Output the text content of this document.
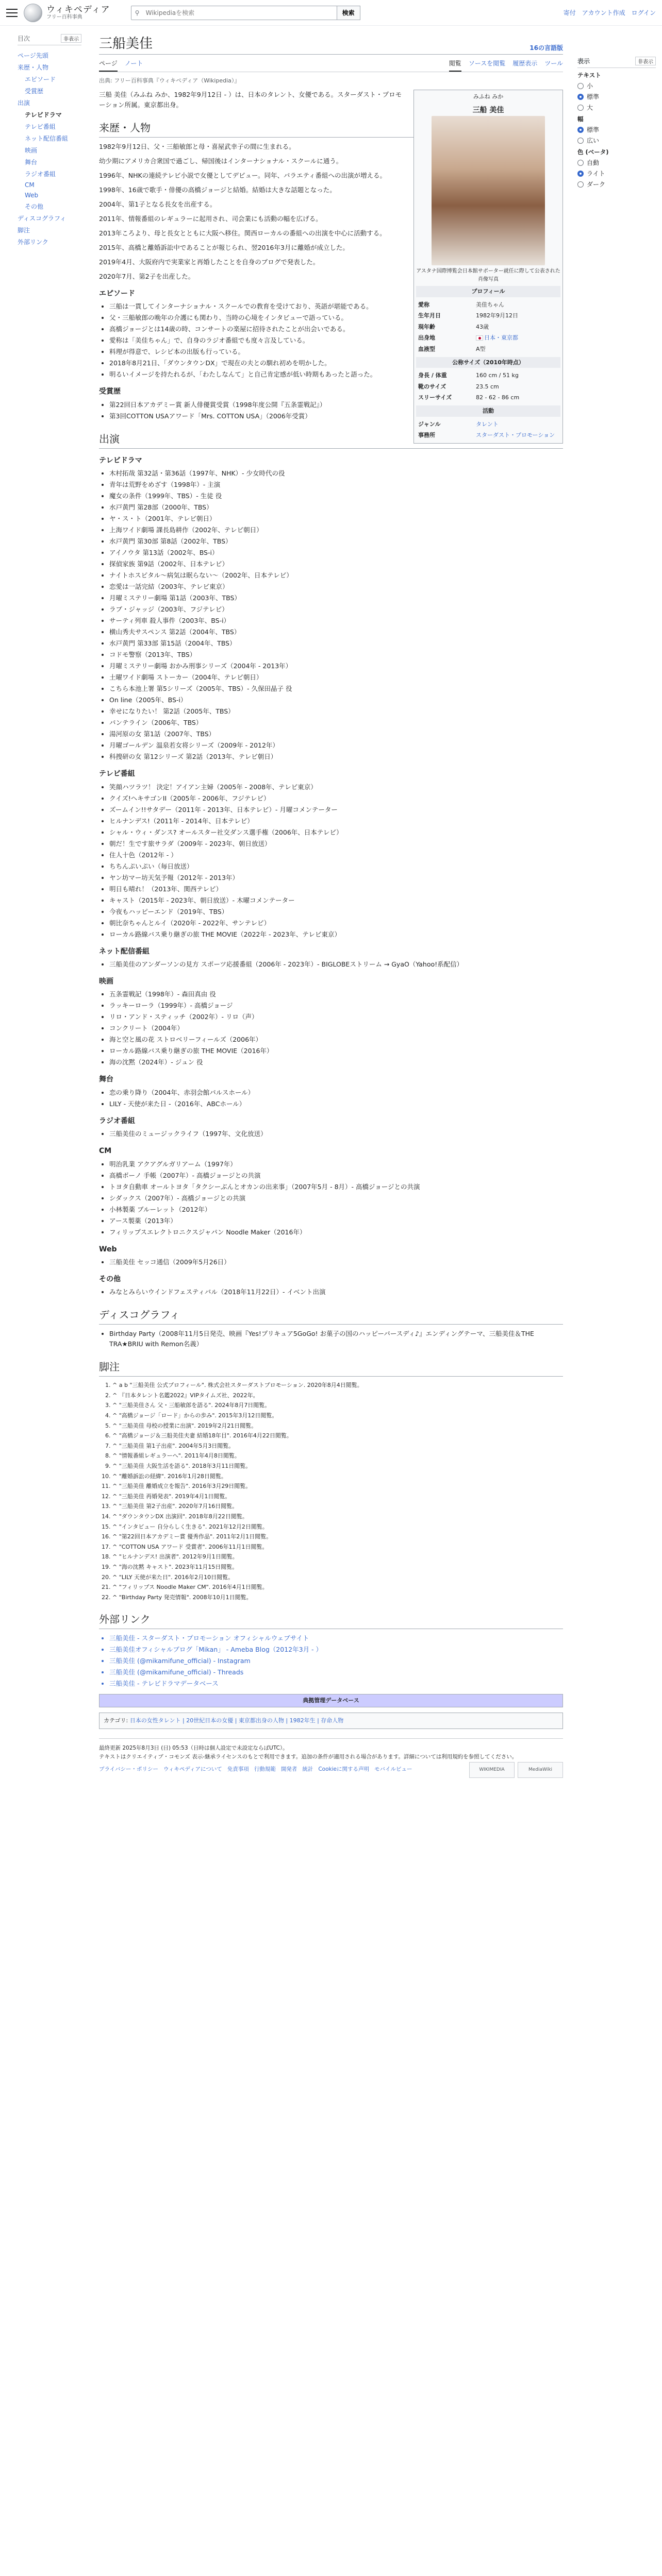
ウィキペディア
フリー百科事典
⚲
Wikipediaを検索	検索	寄付 アカウント作成 ログイン
目次	非表示
ページ先頭
来歴・人物
エピソード
受賞歴
出演
テレビドラマ
テレビ番組
ネット配信番組
映画
舞台
ラジオ番組
CM
Web
その他
ディスコグラフィ
脚注
外部リンク
三船美佳	16の言語版
ページ ノート	閲覧 ソースを閲覧 履歴表示 ツール
出典: フリー百科事典『ウィキペディア（Wikipedia）』
みふね みか
三船 美佳
アスタナ国際博覧会日本館サポーター就任に際して公表された肖像写真
プロフィール
愛称	美佳ちゃん
生年月日	1982年9月12日
現年齢	43歳
出身地	日本・東京都
血液型	A型
公称サイズ（2010年時点）
身長 / 体重	160 cm / 51 kg
靴のサイズ	23.5 cm
スリーサイズ	82 - 62 - 86 cm
活動
ジャンル	タレント
事務所	スターダスト・プロモーション

三船 美佳（みふね みか、1982年9月12日 - ）は、日本のタレント、女優である。スターダスト・プロモーション所属。東京都出身。

来歴・人物

1982年9月12日、父・三船敏郎と母・喜屋武幸子の間に生まれる。

幼少期にアメリカ合衆国で過ごし、帰国後はインターナショナル・スクールに通う。

1996年、NHKの連続テレビ小説で女優としてデビュー。同年、バラエティ番組への出演が増える。

1998年、16歳で歌手・俳優の高橋ジョージと結婚。結婚は大きな話題となった。

2004年、第1子となる長女を出産する。

2011年、情報番組のレギュラーに起用され、司会業にも活動の幅を広げる。

2013年ころより、母と長女とともに大阪へ移住。関西ローカルの番組への出演を中心に活動する。

2015年、高橋と離婚訴訟中であることが報じられ、翌2016年3月に離婚が成立した。

2019年4月、大阪府内で実業家と再婚したことを自身のブログで発表した。

2020年7月、第2子を出産した。

エピソード
• 三船は一貫してインターナショナル・スクールでの教育を受けており、英語が堪能である。
• 父・三船敏郎の晩年の介護にも関わり、当時の心境をインタビューで語っている。
• 高橋ジョージとは14歳の時、コンサートの楽屋に招待されたことが出会いである。
• 愛称は「美佳ちゃん」で、自身のラジオ番組でも度々言及している。
• 料理が得意で、レシピ本の出版も行っている。
• 2018年8月21日、「ダウンタウンDX」で現在の夫との馴れ初めを明かした。
• 明るいイメージを持たれるが、「わたしなんて」と自己肯定感が低い時期もあったと語った。
受賞歴
• 第22回日本アカデミー賞 新人俳優賞受賞（1998年度公開『五条霊戦記』）
• 第3回COTTON USAアワード「Mrs. COTTON USA」（2006年受賞）
出演
テレビドラマ
• 木村拓哉 第32話・第36話（1997年、NHK）- 少女時代の役
• 青年は荒野をめざす（1998年）- 主演
• 魔女の条件（1999年、TBS）- 生徒 役
• 水戸黄門 第28部（2000年、TBS）
• ヤ・ス・ト（2001年、テレビ朝日）
• 上海ワイド劇場 課長島耕作（2002年、テレビ朝日）
• 水戸黄門 第30部 第8話（2002年、TBS）
• アイノウタ 第13話（2002年、BS-i）
• 探偵家族 第9話（2002年、日本テレビ）
• ナイトホスピタル〜病気は眠らない〜（2002年、日本テレビ）
• 恋愛は一話完結（2003年、テレビ東京）
• 月曜ミステリー劇場 第1話（2003年、TBS）
• ラブ・ジャッジ（2003年、フジテレビ）
• サーティ列車 殺人事件（2003年、BS-i）
• 横山秀夫サスペンス 第2話（2004年、TBS）
• 水戸黄門 第33部 第15話（2004年、TBS）
• コドモ警察（2013年、TBS）
• 月曜ミステリー劇場 おかみ刑事シリーズ（2004年 - 2013年）
• 土曜ワイド劇場 ストーカー（2004年、テレビ朝日）
• こちら本池上署 第5シリーズ（2005年、TBS）- 久保田晶子 役
• On line（2005年、BS-i）
• 幸せになりたい！ 第2話（2005年、TBS）
• バンテライン（2006年、TBS）
• 湯河原の女 第1話（2007年、TBS）
• 月曜ゴールデン 温泉若女将シリーズ（2009年 - 2012年）
• 科捜研の女 第12シリーズ 第2話（2013年、テレビ朝日）
テレビ番組
• 笑顔ハツラツ！ 決定！アイアン主婦（2005年 - 2008年、テレビ東京）
• クイズ!ヘキサゴンII（2005年 - 2006年、フジテレビ）
• ズームイン!!サタデー（2011年 - 2013年、日本テレビ）- 月曜コメンテーター
• ヒルナンデス!（2011年 - 2014年、日本テレビ）
• シャル・ウィ・ダンス? オールスター社交ダンス選手権（2006年、日本テレビ）
• 朝だ！生です旅サラダ（2009年 - 2023年、朝日放送）
• 住人十色（2012年 - ）
• ちちんぷいぷい（毎日放送）
• ヤン坊マー坊天気予報（2012年 - 2013年）
• 明日も晴れ！（2013年、関西テレビ）
• キャスト（2015年 - 2023年、朝日放送）- 木曜コメンテーター
• 今夜もハッピーエンド（2019年、TBS）
• 朝比奈ちゃんとルイ（2020年 - 2022年、サンテレビ）
• ローカル路線バス乗り継ぎの旅 THE MOVIE（2022年 - 2023年、テレビ東京）
ネット配信番組
• 三船美佳のアンダーソンの見方 スポーツ応援番組（2006年 - 2023年）- BIGLOBEストリーム → GyaO（Yahoo!系配信）
映画
• 五条霊戦記（1998年）- 森田真由 役
• ラッキーローラ（1999年）- 高橋ジョージ
• リロ・アンド・スティッチ（2002年）- リロ（声）
• コンクリート（2004年）
• 海と空と風の花 ストロベリーフィールズ（2006年）
• ローカル路線バス乗り継ぎの旅 THE MOVIE（2016年）
• 海の沈黙（2024年）- ジュン 役
舞台
• 恋の乗り降り（2004年、赤羽会館パルスホール）
• LILY - 天使が来た日 -（2016年、ABCホール）
ラジオ番組
• 三船美佳のミュージックライフ（1997年、文化放送）
CM
• 明治乳業 アクアグルガリアーム（1997年）
• 高橋ボーノ 手帳（2007年）- 高橋ジョージとの共演
• トヨタ自動車 オールトヨタ「タクシーぶんとオカンの出来事」（2007年5月 - 8月）- 高橋ジョージとの共演
• シダックス（2007年）- 高橋ジョージとの共演
• 小林製薬 ブルーレット（2012年）
• アース製薬（2013年）
• フィリップスエレクトロニクスジャパン Noodle Maker（2016年）
Web
• 三船美佳 セッコ通信（2009年5月26日）
その他
• みなとみらいウインドフェスティバル（2018年11月22日）- イベント出演
ディスコグラフィ
• Birthday Party（2008年11月5日発売、映画『Yes!プリキュア5GoGo! お菓子の国のハッピーバースディ♪』エンディングテーマ、三船美佳＆THE TRA★BRIU with Remon名義）
脚注
1. ^ a b "三船美佳 公式プロフィール". 株式会社スターダストプロモーション. 2020年8月4日閲覧。
2. ^ 『日本タレント名鑑2022』VIPタイムズ社、2022年。
3. ^ "三船美佳さん 父・三船敏郎を語る". 2024年8月7日閲覧。
4. ^ "高橋ジョージ「ロード」からの歩み". 2015年3月12日閲覧。
5. ^ "三船美佳 母校の授業に出演". 2019年2月21日閲覧。
6. ^ "高橋ジョージ＆三船美佳夫妻 結婚18年目". 2016年4月22日閲覧。
7. ^ "三船美佳 第1子出産". 2004年5月3日閲覧。
8. ^ "情報番組レギュラーへ". 2011年4月8日閲覧。
9. ^ "三船美佳 大阪生活を語る". 2018年3月11日閲覧。
10. ^ "離婚訴訟の経緯". 2016年1月28日閲覧。
11. ^ "三船美佳 離婚成立を報告". 2016年3月29日閲覧。
12. ^ "三船美佳 再婚発表". 2019年4月1日閲覧。
13. ^ "三船美佳 第2子出産". 2020年7月16日閲覧。
14. ^ "ダウンタウンDX 出演回". 2018年8月22日閲覧。
15. ^ "インタビュー 自分らしく生きる". 2021年12月2日閲覧。
16. ^ "第22回日本アカデミー賞 優秀作品". 2011年2月1日閲覧。
17. ^ "COTTON USA アワード 受賞者". 2006年11月1日閲覧。
18. ^ "ヒルナンデス! 出演者". 2012年9月1日閲覧。
19. ^ "海の沈黙 キャスト". 2023年11月15日閲覧。
20. ^ "LILY 天使が来た日". 2016年2月10日閲覧。
21. ^ "フィリップス Noodle Maker CM". 2016年4月1日閲覧。
22. ^ "Birthday Party 発売情報". 2008年10月1日閲覧。
外部リンク
• 三船美佳 - スターダスト・プロモーション オフィシャルウェブサイト
• 三船美佳オフィシャルブログ「Mikan」 - Ameba Blog（2012年3月 - ）
• 三船美佳 (@mikamifune_official) - Instagram
• 三船美佳 (@mikamifune_official) - Threads
• 三船美佳 - テレビドラマデータベース
典拠管理データベース
カテゴリ: 日本の女性タレント | 20世紀日本の女優 | 東京都出身の人物 | 1982年生 | 存命人物
表示	非表示
テキスト
小
標準
大
幅
標準
広い
色 (ベータ)
自動
ライト
ダーク
最終更新 2025年8月3日 (日) 05:53（日時は個人設定で未設定ならばUTC）。
テキストはクリエイティブ・コモンズ 表示-継承ライセンスのもとで利用できます。追加の条件が適用される場合があります。詳細については利用規約を参照してください。
プライバシー・ポリシー ウィキペディアについて 免責事項 行動規範 開発者 統計 Cookieに関する声明 モバイルビュー	WIKIMEDIA	MediaWiki
